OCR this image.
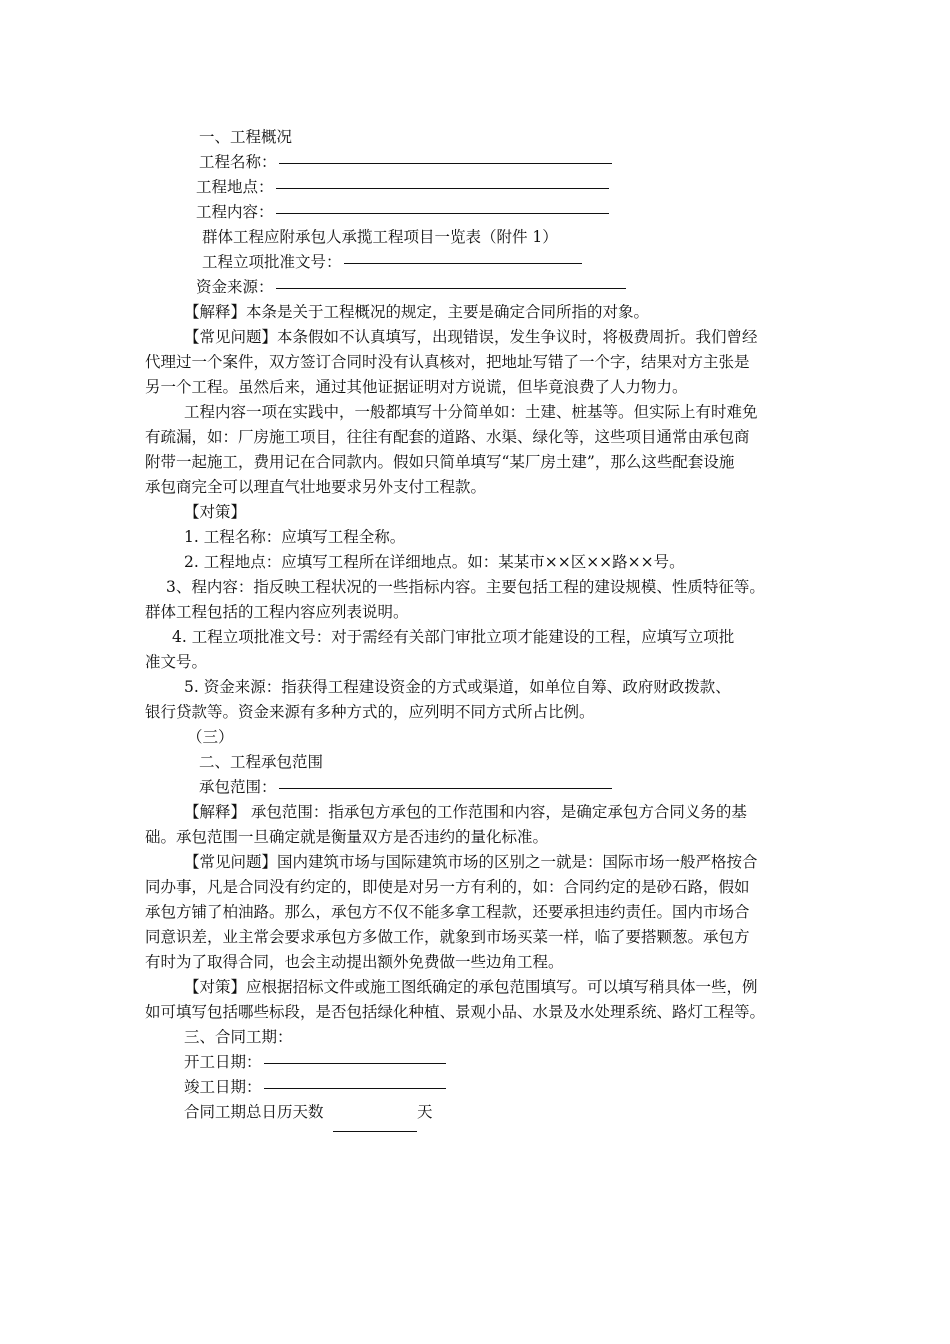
一、工程概况
工程名称：
工程地点：
工程内容：
群体工程应附承包人承揽工程项目一览表（附件 1）
工程立项批准文号：
资金来源：
【解释】本条是关于工程概况的规定，主要是确定合同所指的对象。
【常见问题】本条假如不认真填写，出现错误，发生争议时，将极费周折。我们曾经
代理过一个案件，双方签订合同时没有认真核对，把地址写错了一个字，结果对方主张是
另一个工程。虽然后来，通过其他证据证明对方说谎，但毕竟浪费了人力物力。
工程内容一项在实践中，一般都填写十分简单如：土建、桩基等。但实际上有时难免
有疏漏，如：厂房施工项目，往往有配套的道路、水渠、绿化等，这些项目通常由承包商
附带一起施工，费用记在合同款内。假如只简单填写“某厂房土建”，那么这些配套设施
承包商完全可以理直气壮地要求另外支付工程款。
【对策】
1. 工程名称：应填写工程全称。
2. 工程地点：应填写工程所在详细地点。如：某某市××区××路××号。
3、程内容：指反映工程状况的一些指标内容。主要包括工程的建设规模、性质特征等。
群体工程包括的工程内容应列表说明。
4. 工程立项批准文号：对于需经有关部门审批立项才能建设的工程，应填写立项批
准文号。
5. 资金来源：指获得工程建设资金的方式或渠道，如单位自筹、政府财政拨款、
银行贷款等。资金来源有多种方式的，应列明不同方式所占比例。
（三）
二、工程承包范围
承包范围：
【解释】 承包范围：指承包方承包的工作范围和内容，是确定承包方合同义务的基
础。承包范围一旦确定就是衡量双方是否违约的量化标准。
【常见问题】国内建筑市场与国际建筑市场的区别之一就是：国际市场一般严格按合
同办事，凡是合同没有约定的，即使是对另一方有利的，如：合同约定的是砂石路，假如
承包方铺了柏油路。那么，承包方不仅不能多拿工程款，还要承担违约责任。国内市场合
同意识差，业主常会要求承包方多做工作，就象到市场买菜一样，临了要搭颗葱。承包方
有时为了取得合同，也会主动提出额外免费做一些边角工程。
【对策】应根据招标文件或施工图纸确定的承包范围填写。可以填写稍具体一些，例
如可填写包括哪些标段，是否包括绿化种植、景观小品、水景及水处理系统、路灯工程等。
三、合同工期：
开工日期：
竣工日期：
合同工期总日历天数	天
